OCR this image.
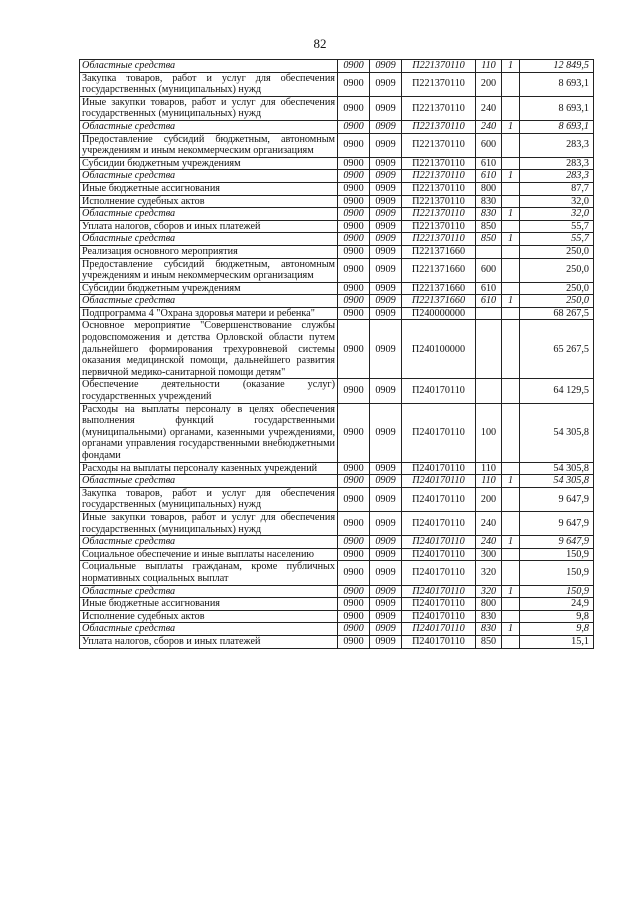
82
Областные средства	0900	0909	П221370110	110	1	12 849,5
Закупка товаров, работ и услуг для обеспечения государственных (муниципальных) нужд	0900	0909	П221370110	200		8 693,1
Иные закупки товаров, работ и услуг для обеспечения государственных (муниципальных) нужд	0900	0909	П221370110	240		8 693,1
Областные средства	0900	0909	П221370110	240	1	8 693,1
Предоставление субсидий бюджетным, автономным учреждениям и иным некоммерческим организациям	0900	0909	П221370110	600		283,3
Субсидии бюджетным учреждениям	0900	0909	П221370110	610		283,3
Областные средства	0900	0909	П221370110	610	1	283,3
Иные бюджетные ассигнования	0900	0909	П221370110	800		87,7
Исполнение судебных актов	0900	0909	П221370110	830		32,0
Областные средства	0900	0909	П221370110	830	1	32,0
Уплата налогов, сборов и иных платежей	0900	0909	П221370110	850		55,7
Областные средства	0900	0909	П221370110	850	1	55,7
Реализация основного мероприятия	0900	0909	П221371660			250,0
Предоставление субсидий бюджетным, автономным учреждениям и иным некоммерческим организациям	0900	0909	П221371660	600		250,0
Субсидии бюджетным учреждениям	0900	0909	П221371660	610		250,0
Областные средства	0900	0909	П221371660	610	1	250,0
Подпрограмма 4 "Охрана здоровья матери и ребенка"	0900	0909	П240000000			68 267,5
Основное мероприятие "Совершенствование службы родовспоможения и детства Орловской области путем дальнейшего формирования трехуровневой системы оказания медицинской помощи, дальнейшего развития первичной медико-санитарной помощи детям"	0900	0909	П240100000			65 267,5
Обеспечение деятельности (оказание услуг) государственных учреждений	0900	0909	П240170110			64 129,5
Расходы на выплаты персоналу в целях обеспечения выполнения функций государственными (муниципальными) органами, казенными учреждениями, органами управления государственными внебюджетными фондами	0900	0909	П240170110	100		54 305,8
Расходы на выплаты персоналу казенных учреждений	0900	0909	П240170110	110		54 305,8
Областные средства	0900	0909	П240170110	110	1	54 305,8
Закупка товаров, работ и услуг для обеспечения государственных (муниципальных) нужд	0900	0909	П240170110	200		9 647,9
Иные закупки товаров, работ и услуг для обеспечения государственных (муниципальных) нужд	0900	0909	П240170110	240		9 647,9
Областные средства	0900	0909	П240170110	240	1	9 647,9
Социальное обеспечение и иные выплаты населению	0900	0909	П240170110	300		150,9
Социальные выплаты гражданам, кроме публичных нормативных социальных выплат	0900	0909	П240170110	320		150,9
Областные средства	0900	0909	П240170110	320	1	150,9
Иные бюджетные ассигнования	0900	0909	П240170110	800		24,9
Исполнение судебных актов	0900	0909	П240170110	830		9,8
Областные средства	0900	0909	П240170110	830	1	9,8
Уплата налогов, сборов и иных платежей	0900	0909	П240170110	850		15,1
